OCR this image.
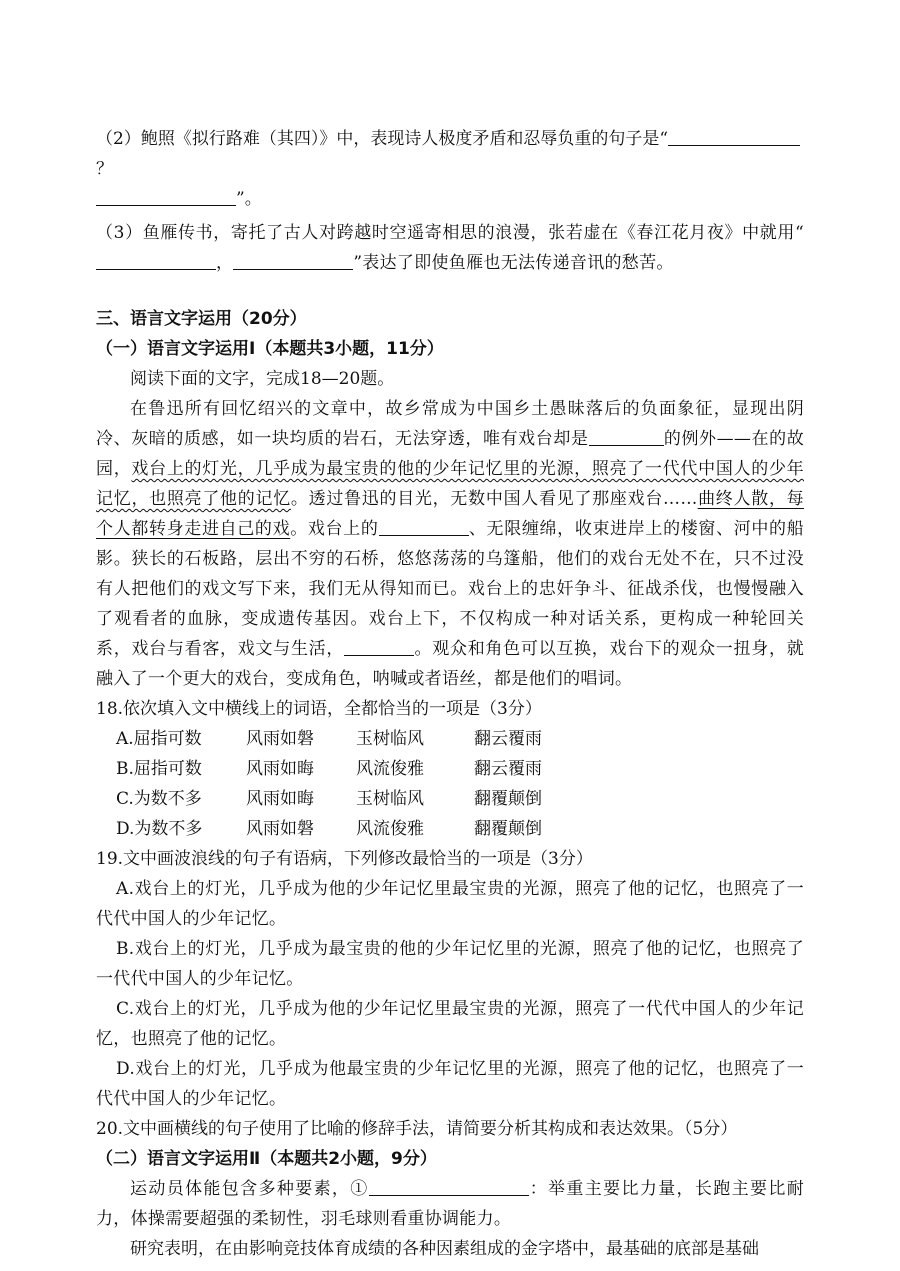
（2）鲍照《拟行路难（其四）》中，表现诗人极度矛盾和忍辱负重的句子是“？
”。

（3）鱼雁传书，寄托了古人对跨越时空遥寄相思的浪漫，张若虚在《春江花月夜》中就用“，	”表达了即使鱼雁也无法传递音讯的愁苦。

三、语言文字运用（20分）

（一）语言文字运用Ⅰ（本题共3小题，11分）

阅读下面的文字，完成18—20题。

在鲁迅所有回忆绍兴的文章中，故乡常成为中国乡土愚昧落后的负面象征，显现出阴冷、灰暗的质感，如一块均质的岩石，无法穿透，唯有戏台却是	的例外——在的故园，戏台上的灯光，几乎成为最宝贵的他的少年记忆里的光源，照亮了一代代中国人的少年记忆，也照亮了他的记忆。透过鲁迅的目光，无数中国人看见了那座戏台……曲终人散，每个人都转身走进自己的戏。戏台上的	、无限缠绵，收束进岸上的楼窗、河中的船影。狭长的石板路，层出不穷的石桥，悠悠荡荡的乌篷船，他们的戏台无处不在，只不过没有人把他们的戏文写下来，我们无从得知而已。戏台上的忠奸争斗、征战杀伐，也慢慢融入了观看者的血脉，变成遗传基因。戏台上下，不仅构成一种对话关系，更构成一种轮回关系，戏台与看客，戏文与生活，	。观众和角色可以互换，戏台下的观众一扭身，就融入了一个更大的戏台，变成角色，呐喊或者语丝，都是他们的唱词。

18.依次填入文中横线上的词语，全都恰当的一项是（3分）

A.屈指可数	风雨如磐 玉树临风	翻云覆雨

B.屈指可数	风雨如晦 风流俊雅	翻云覆雨

C.为数不多	风雨如晦 玉树临风	翻覆颠倒

D.为数不多	风雨如磐 风流俊雅	翻覆颠倒

19.文中画波浪线的句子有语病，下列修改最恰当的一项是（3分）

A.戏台上的灯光，几乎成为他的少年记忆里最宝贵的光源，照亮了他的记忆，也照亮了一代代中国人的少年记忆。

B.戏台上的灯光，几乎成为最宝贵的他的少年记忆里的光源，照亮了他的记忆，也照亮了一代代中国人的少年记忆。

C.戏台上的灯光，几乎成为他的少年记忆里最宝贵的光源，照亮了一代代中国人的少年记忆，也照亮了他的记忆。

D.戏台上的灯光，几乎成为他最宝贵的少年记忆里的光源，照亮了他的记忆，也照亮了一代代中国人的少年记忆。

20.文中画横线的句子使用了比喻的修辞手法，请简要分析其构成和表达效果。（5分）

（二）语言文字运用Ⅱ（本题共2小题，9分）

运动员体能包含多种要素，①	：举重主要比力量，长跑主要比耐力，体操需要超强的柔韧性，羽毛球则看重协调能力。

研究表明，在由影响竞技体育成绩的各种因素组成的金字塔中，最基础的底部是基础
